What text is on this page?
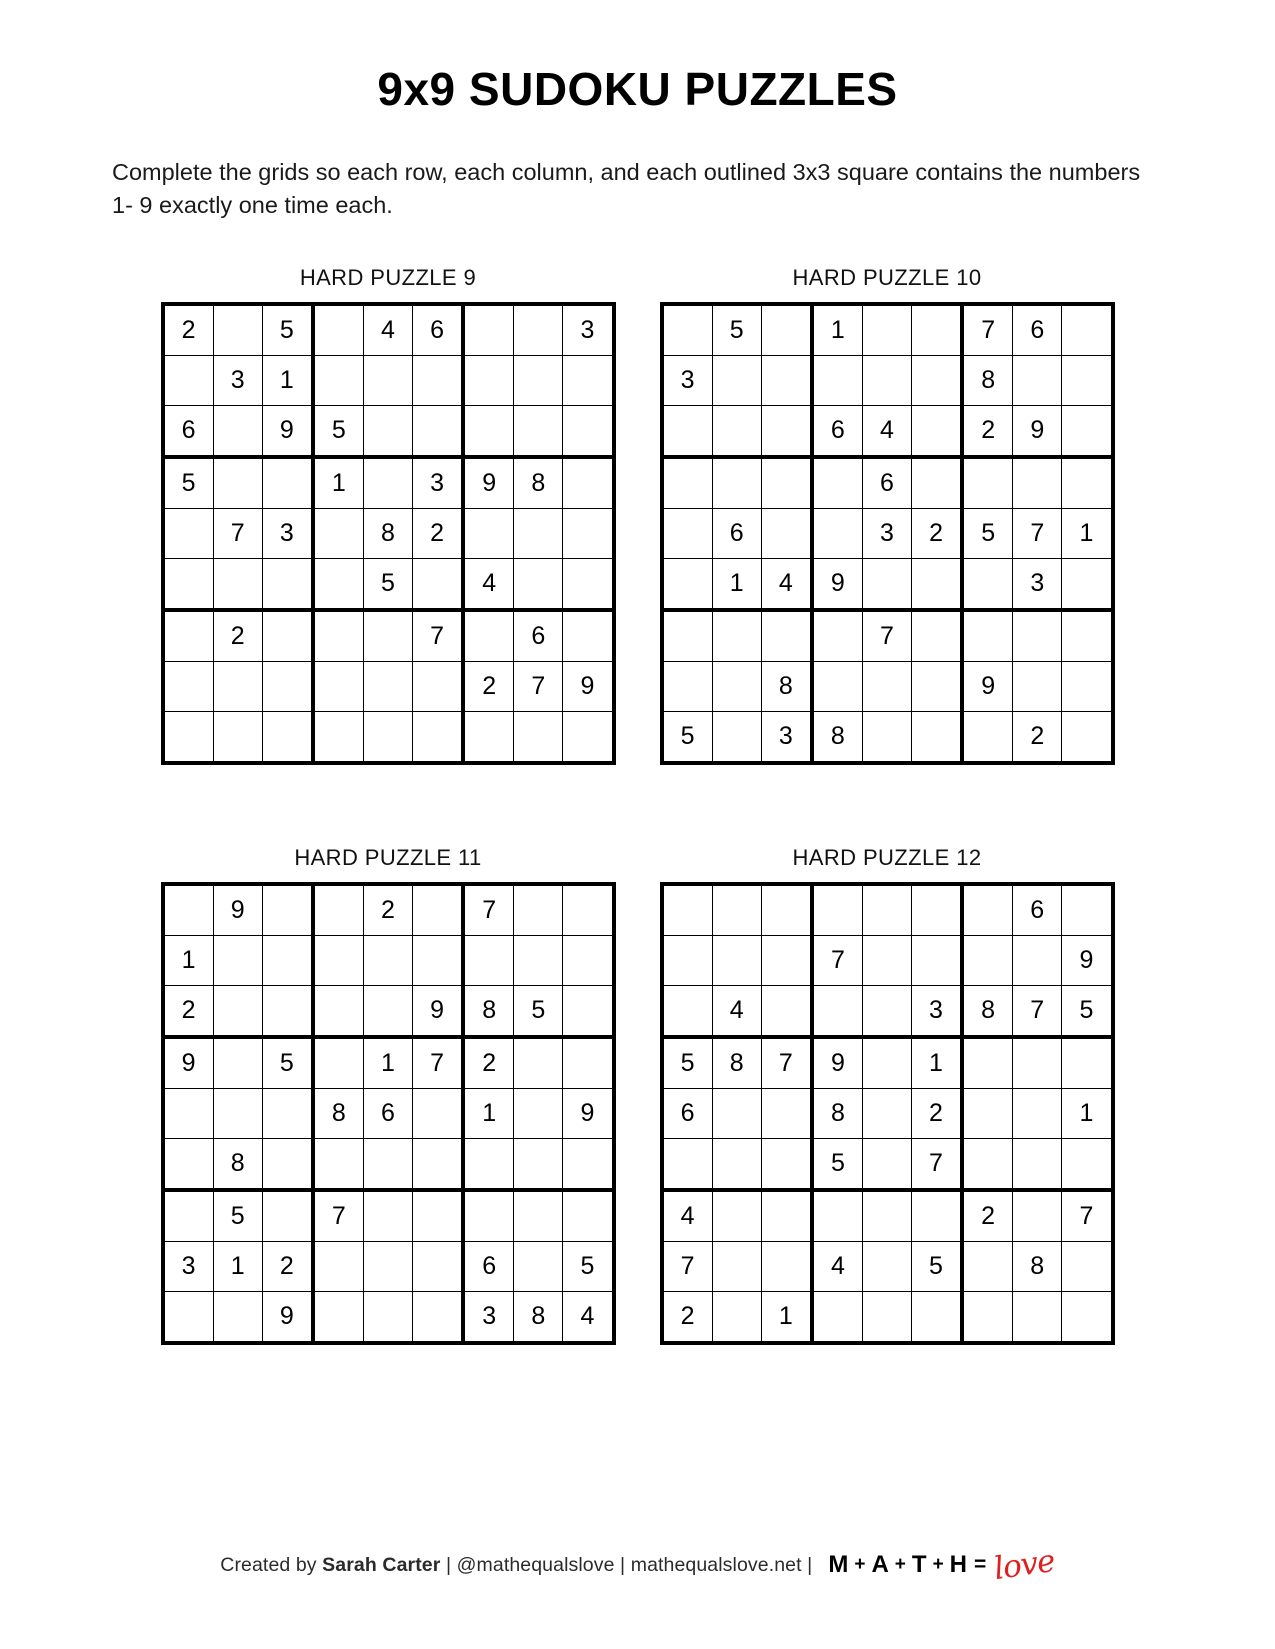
9x9 SUDOKU PUZZLES

Complete the grids so each row, each column, and each outlined 3x3 square contains the numbers 1- 9 exactly one time each.

HARD PUZZLE 9
2		5		4	6			3
	3	1						
6		9	5					
5			1		3	9	8	
	7	3		8	2			
				5		4		
	2				7		6	
						2	7	9

HARD PUZZLE 10
	5		1			7	6	
3						8		
			6	4		2	9	
				6				
	6			3	2	5	7	1
	1	4	9				3	
				7				
		8				9		
5		3	8				2	
HARD PUZZLE 11
	9			2		7		
1								
2					9	8	5	
9		5		1	7	2		
			8	6		1		9
	8							
	5		7					
3	1	2				6		5
		9				3	8	4
HARD PUZZLE 12
							6	
			7					9
	4				3	8	7	5
5	8	7	9		1			
6			8		2			1
			5		7			
4						2		7
7			4		5		8	
2		1						
Created by Sarah Carter | @mathequalslove | mathequalslove.net | M + A + T + H = love
